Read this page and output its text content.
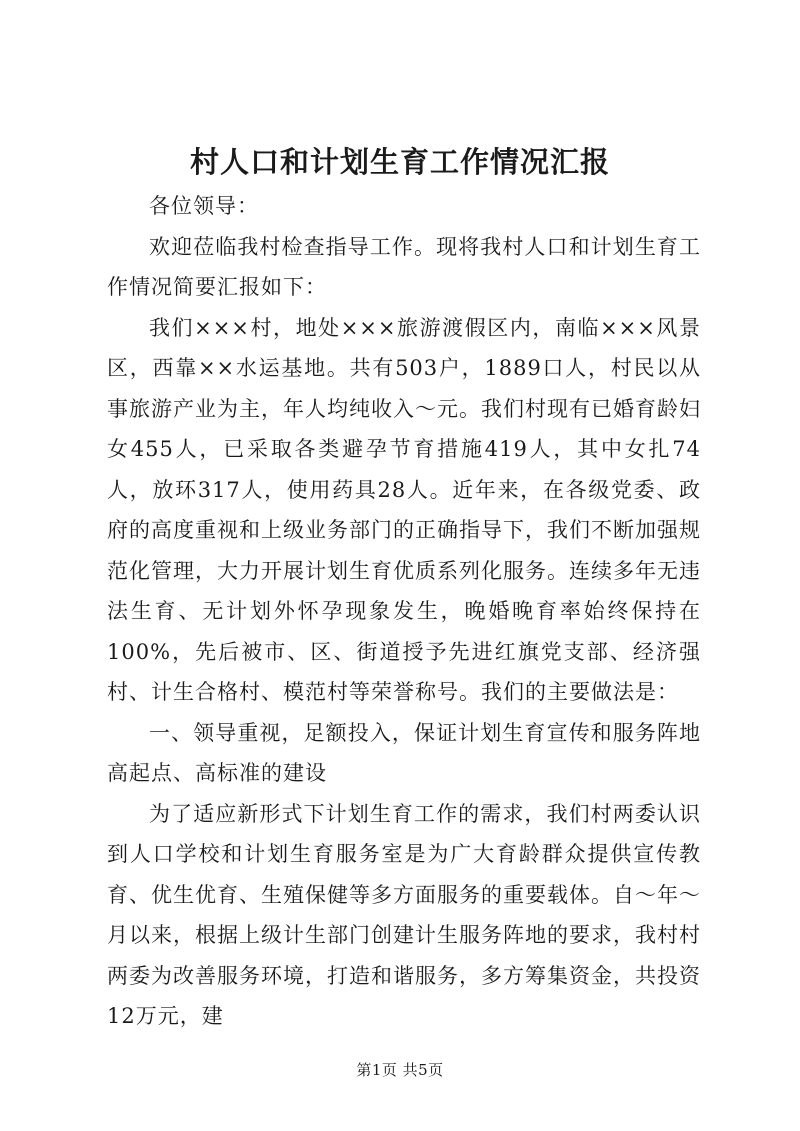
村人口和计划生育工作情况汇报

各位领导：

欢迎莅临我村检查指导工作。现将我村人口和计划生育工作情况简要汇报如下：

我们×××村，地处×××旅游渡假区内，南临×××风景区，西靠××水运基地。共有503户，1889口人，村民以从事旅游产业为主，年人均纯收入～元。我们村现有已婚育龄妇女455人，已采取各类避孕节育措施419人，其中女扎74人，放环317人，使用药具28人。近年来，在各级党委、政府的高度重视和上级业务部门的正确指导下，我们不断加强规范化管理，大力开展计划生育优质系列化服务。连续多年无违法生育、无计划外怀孕现象发生，晚婚晚育率始终保持在100%，先后被市、区、街道授予先进红旗党支部、经济强村、计生合格村、模范村等荣誉称号。我们的主要做法是：

一、领导重视，足额投入，保证计划生育宣传和服务阵地高起点、高标准的建设

为了适应新形式下计划生育工作的需求，我们村两委认识到人口学校和计划生育服务室是为广大育龄群众提供宣传教育、优生优育、生殖保健等多方面服务的重要载体。自～年～月以来，根据上级计生部门创建计生服务阵地的要求，我村村两委为改善服务环境，打造和谐服务，多方筹集资金，共投资12万元，建

第1页 共5页
